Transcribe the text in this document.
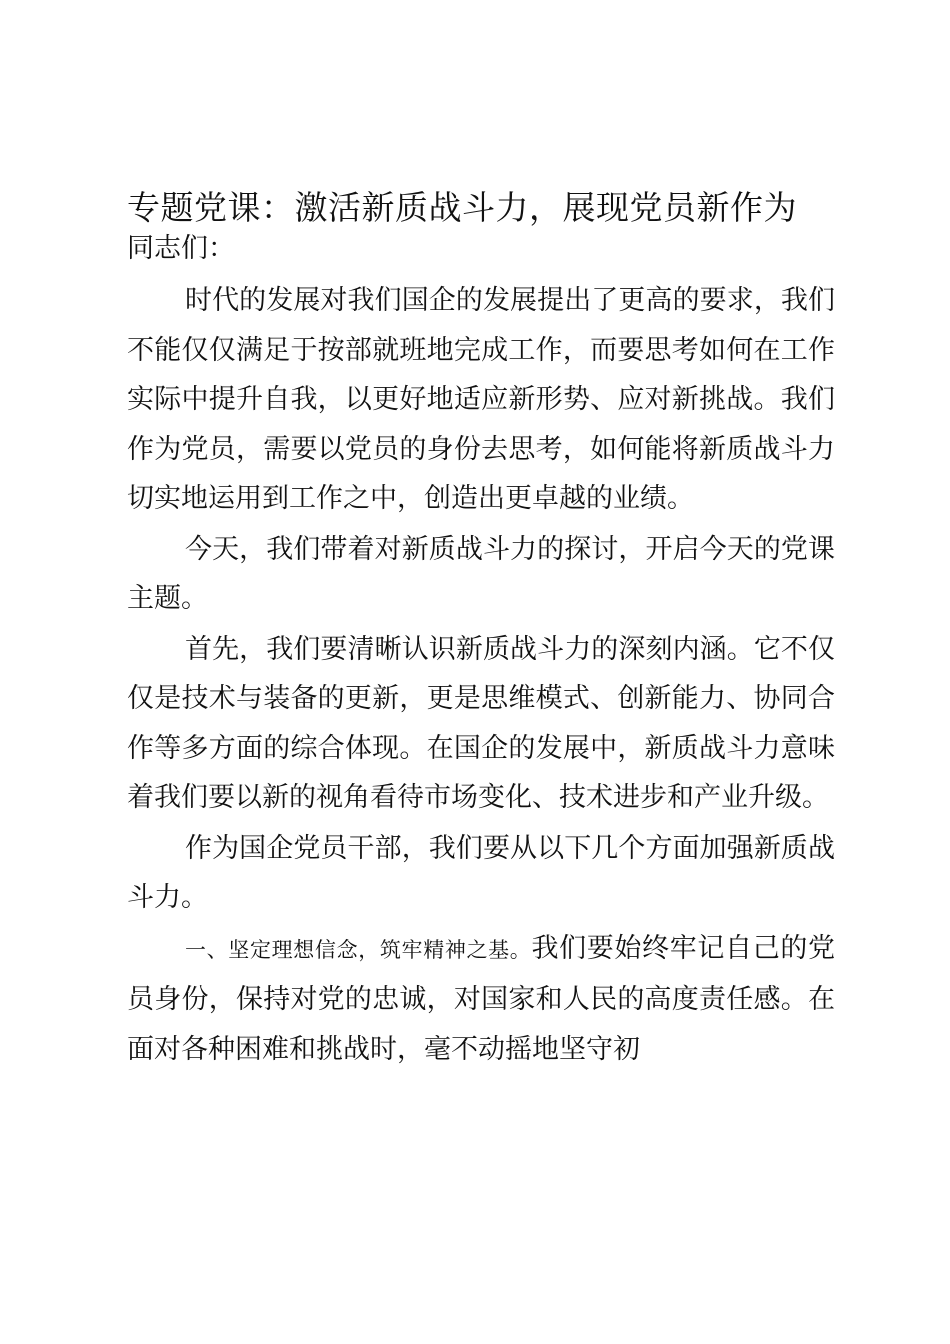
专题党课：激活新质战斗力，展现党员新作为

同志们：

时代的发展对我们国企的发展提出了更高的要求，我们不能仅仅满足于按部就班地完成工作，而要思考如何在工作实际中提升自我，以更好地适应新形势、应对新挑战。我们作为党员，需要以党员的身份去思考，如何能将新质战斗力切实地运用到工作之中，创造出更卓越的业绩。

今天，我们带着对新质战斗力的探讨，开启今天的党课主题。

首先，我们要清晰认识新质战斗力的深刻内涵。它不仅仅是技术与装备的更新，更是思维模式、创新能力、协同合作等多方面的综合体现。在国企的发展中，新质战斗力意味着我们要以新的视角看待市场变化、技术进步和产业升级。

作为国企党员干部，我们要从以下几个方面加强新质战斗力。

一、坚定理想信念，筑牢精神之基。我们要始终牢记自己的党员身份，保持对党的忠诚，对国家和人民的高度责任感。在面对各种困难和挑战时，毫不动摇地坚守初
